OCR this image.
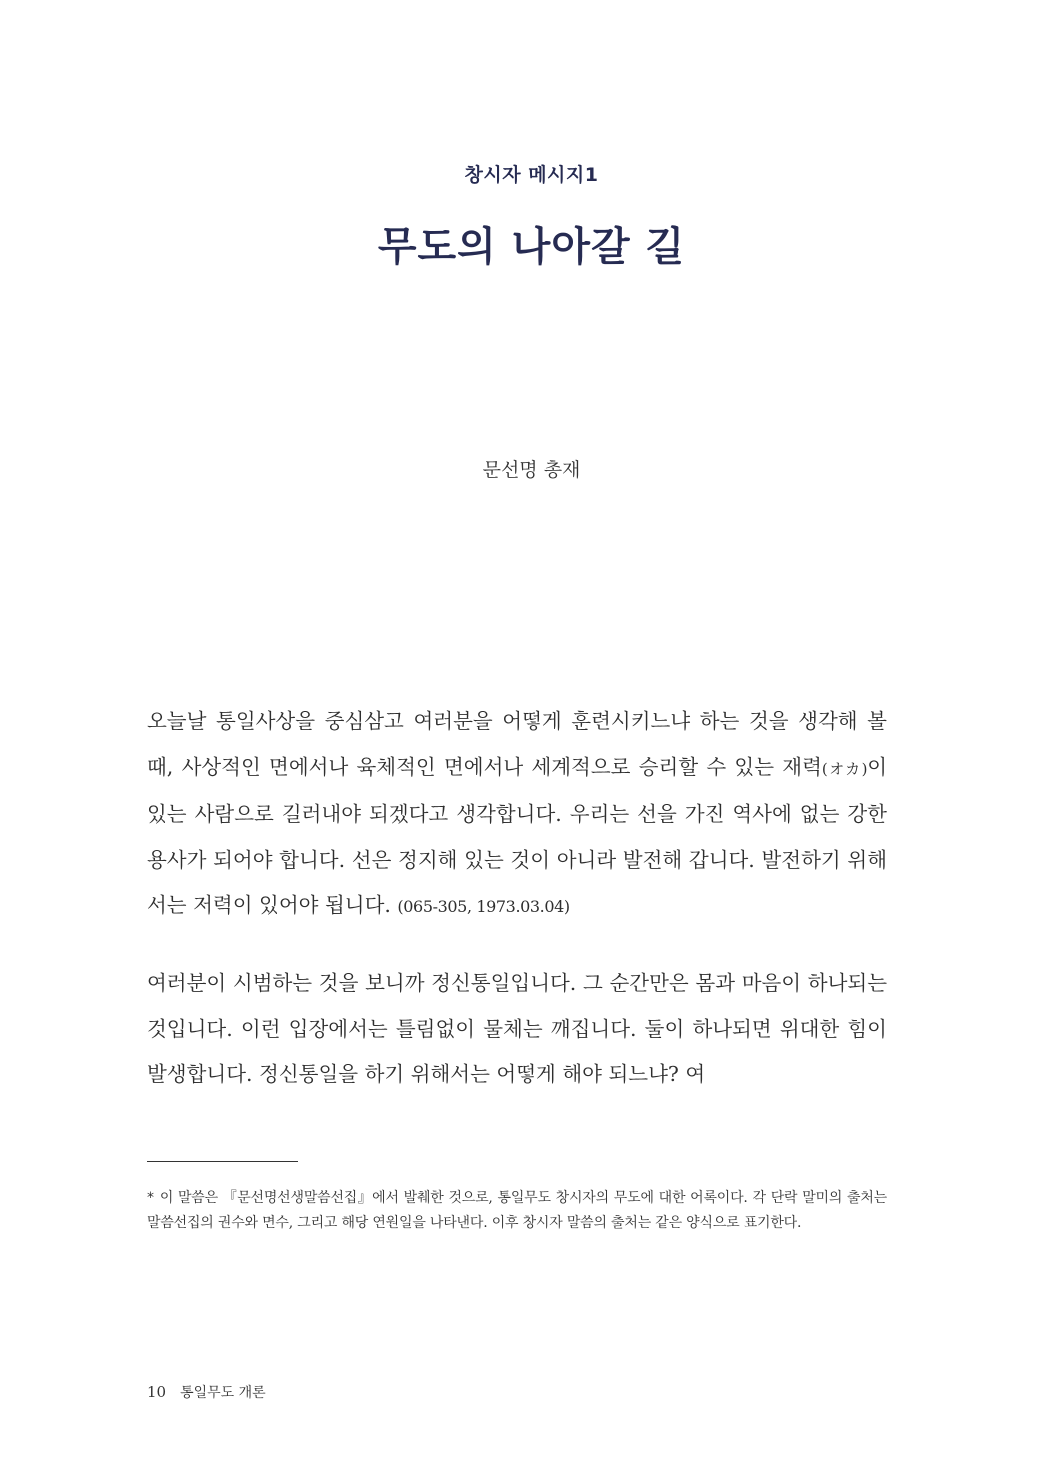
창시자 메시지1
무도의 나아갈 길
문선명 총재
오늘날 통일사상을 중심삼고 여러분을 어떻게 훈련시키느냐 하는 것을 생각해 볼 때, 사상적인 면에서나 육체적인 면에서나 세계적으로 승리할 수 있는 재력(オカ)이 있는 사람으로 길러내야 되겠다고 생각합니다. 우리는 선을 가진 역사에 없는 강한 용사가 되어야 합니다. 선은 정지해 있는 것이 아니라 발전해 갑니다. 발전하기 위해서는 저력이 있어야 됩니다. (065-305, 1973.03.04)
여러분이 시범하는 것을 보니까 정신통일입니다. 그 순간만은 몸과 마음이 하나되는 것입니다. 이런 입장에서는 틀림없이 물체는 깨집니다. 둘이 하나되면 위대한 힘이 발생합니다. 정신통일을 하기 위해서는 어떻게 해야 되느냐? 여
* 이 말씀은 『문선명선생말씀선집』에서 발췌한 것으로, 통일무도 창시자의 무도에 대한 어록이다. 각 단락 말미의 출처는 말씀선집의 권수와 면수, 그리고 해당 연원일을 나타낸다. 이후 창시자 말씀의 출처는 같은 양식으로 표기한다.
10 통일무도 개론
